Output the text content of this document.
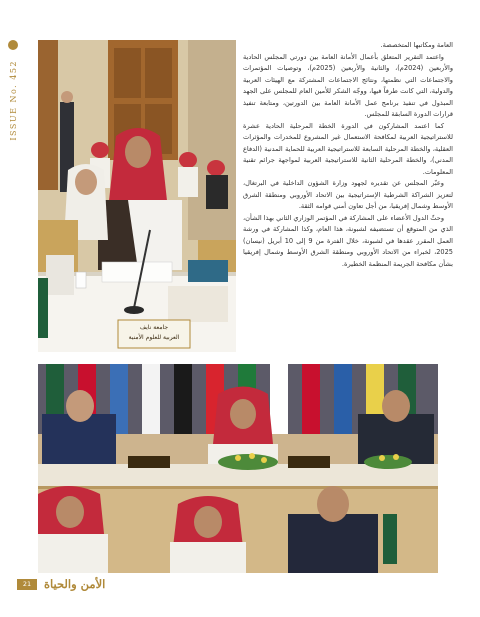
ISSUE No. 452
جامعة نايف
العربية للعلوم الأمنية

العامة ومكاتبها المتخصصة.

واعتمد التقرير المتعلق بأعمال الأمانة العامة بين دورتي المجلس الحادية والأربعين (2024م)، والثانية والأربعين (2025م)، وتوصيات المؤتمرات والاجتماعات التي نظمتها، ونتائج الاجتماعات المشتركة مع الهيئات العربية والدولية، التي كانت طرفاً فيها، ووجّه الشكر للأمين العام للمجلس على الجهد المبذول في تنفيذ برنامج عمل الأمانة العامة بين الدورتين، ومتابعة تنفيذ قرارات الدورة السابقة للمجلس.

كما اعتمد المشاركون في الدورة الخطة المرحلية الحادية عشرة للاستراتيجية العربية لمكافحة الاستعمال غير المشروع للمخدرات والمؤثرات العقلية، والخطة المرحلية السابعة للاستراتيجية العربية للحماية المدنية (الدفاع المدني)، والخطة المرحلية الثانية للاستراتيجية العربية لمواجهة جرائم تقنية المعلومات.

وعبّر المجلس عن تقديره لجهود وزارة الشؤون الداخلية في البرتغال، لتعزيز الشراكة الشرطية الإستراتيجية بين الاتحاد الأوروبي ومنطقة الشرق الأوسط وشمال إفريقيا، من أجل تعاون أمني قوامه الثقة.

وحثّ الدول الأعضاء على المشاركة في المؤتمر الوزاري الثاني بهذا الشأن، الذي من المتوقع أن تستضيفه لشبونة، هذا العام، وكذا المشاركة في ورشة العمل المقرر عقدها في لشبونة، خلال الفترة من 9 إلى 10 أبريل (نيسان) 2025، لخبراء من الاتحاد الأوروبي ومنطقة الشرق الأوسط وشمال إفريقيا بشأن مكافحة الجريمة المنظمة الخطيرة.

21	الأمن والحياة
